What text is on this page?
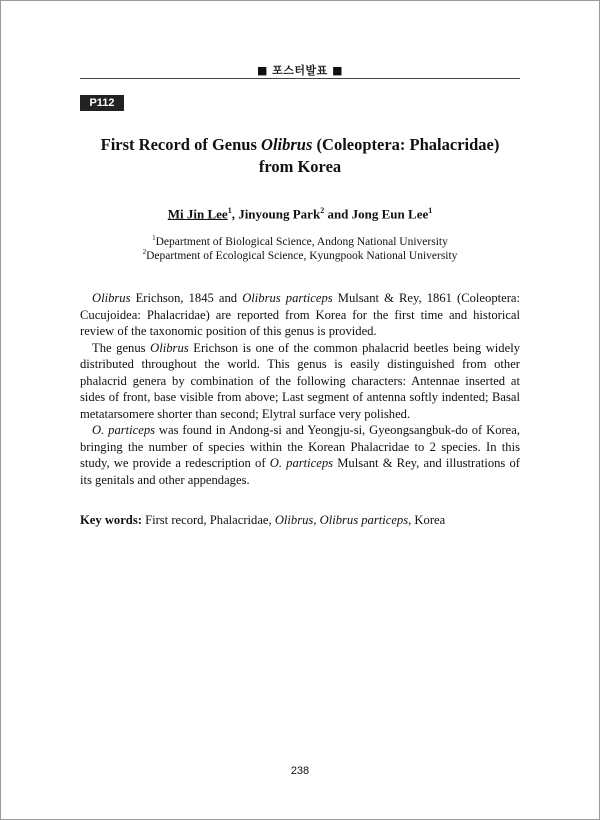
■ 포스터발표 ■
P112
First Record of Genus Olibrus (Coleoptera: Phalacridae)
from Korea
Mi Jin Lee$^1$, Jinyoung Park$^2$ and Jong Eun Lee$^1$
$^1$Department of Biological Science, Andong National University
$^2$Department of Ecological Science, Kyungpook National University

Olibrus Erichson, 1845 and Olibrus particeps Mulsant & Rey, 1861 (Coleoptera: Cucujoidea: Phalacridae) are reported from Korea for the first time and historical review of the taxonomic position of this genus is provided.

The genus Olibrus Erichson is one of the common phalacrid beetles being widely distributed throughout the world. This genus is easily distinguished from other phalacrid genera by combination of the following characters: Antennae inserted at sides of front, base visible from above; Last segment of antenna softly indented; Basal metatarsomere shorter than second; Elytral surface very polished.

O. particeps was found in Andong-si and Yeongju-si, Gyeongsangbuk-do of Korea, bringing the number of species within the Korean Phalacridae to 2 species. In this study, we provide a redescription of O. particeps Mulsant & Rey, and illustrations of its genitals and other appendages.

Key words: First record, Phalacridae, Olibrus, Olibrus particeps, Korea
238
